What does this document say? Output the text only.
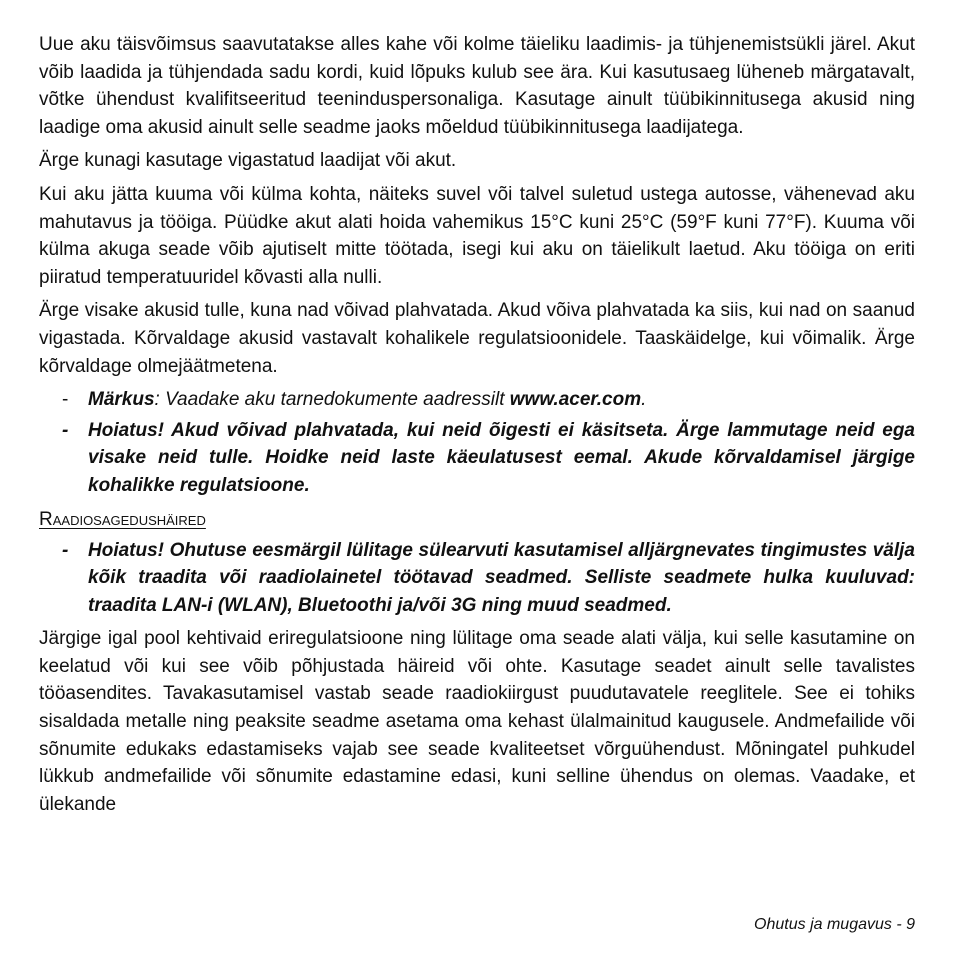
Uue aku täisvõimsus saavutatakse alles kahe või kolme täieliku laadimis- ja tühjenemistsükli järel. Akut võib laadida ja tühjendada sadu kordi, kuid lõpuks kulub see ära. Kui kasutusaeg lüheneb märgatavalt, võtke ühendust kvalifitseeritud teeninduspersonaliga. Kasutage ainult tüübikinnitusega akusid ning laadige oma akusid ainult selle seadme jaoks mõeldud tüübikinnitusega laadijatega.

Ärge kunagi kasutage vigastatud laadijat või akut.

Kui aku jätta kuuma või külma kohta, näiteks suvel või talvel suletud ustega autosse, vähenevad aku mahutavus ja tööiga. Püüdke akut alati hoida vahemikus 15°C kuni 25°C (59°F kuni 77°F). Kuuma või külma akuga seade võib ajutiselt mitte töötada, isegi kui aku on täielikult laetud. Aku tööiga on eriti piiratud temperatuuridel kõvasti alla nulli.

Ärge visake akusid tulle, kuna nad võivad plahvatada. Akud võiva plahvatada ka siis, kui nad on saanud vigastada. Kõrvaldage akusid vastavalt kohalikele regulatsioonidele. Taaskäidelge, kui võimalik. Ärge kõrvaldage olmejäätmetena.

- Märkus: Vaadake aku tarnedokumente aadressilt www.acer.com.
- Hoiatus! Akud võivad plahvatada, kui neid õigesti ei käsitseta. Ärge lammutage neid ega visake neid tulle. Hoidke neid laste käeulatusest eemal. Akude kõrvaldamisel järgige kohalikke regulatsioone.
Raadiosagedushäired
- Hoiatus! Ohutuse eesmärgil lülitage sülearvuti kasutamisel alljärgnevates tingimustes välja kõik traadita või raadiolainetel töötavad seadmed. Selliste seadmete hulka kuuluvad: traadita LAN-i (WLAN), Bluetoothi ja/või 3G ning muud seadmed.

Järgige igal pool kehtivaid eriregulatsioone ning lülitage oma seade alati välja, kui selle kasutamine on keelatud või kui see võib põhjustada häireid või ohte. Kasutage seadet ainult selle tavalistes tööasendites. Tavakasutamisel vastab seade raadiokiirgust puudutavatele reeglitele. See ei tohiks sisaldada metalle ning peaksite seadme asetama oma kehast ülalmainitud kaugusele. Andmefailide või sõnumite edukaks edastamiseks vajab see seade kvaliteetset võrguühendust. Mõningatel puhkudel lükkub andmefailide või sõnumite edastamine edasi, kuni selline ühendus on olemas. Vaadake, et ülekande

Ohutus ja mugavus - 9
